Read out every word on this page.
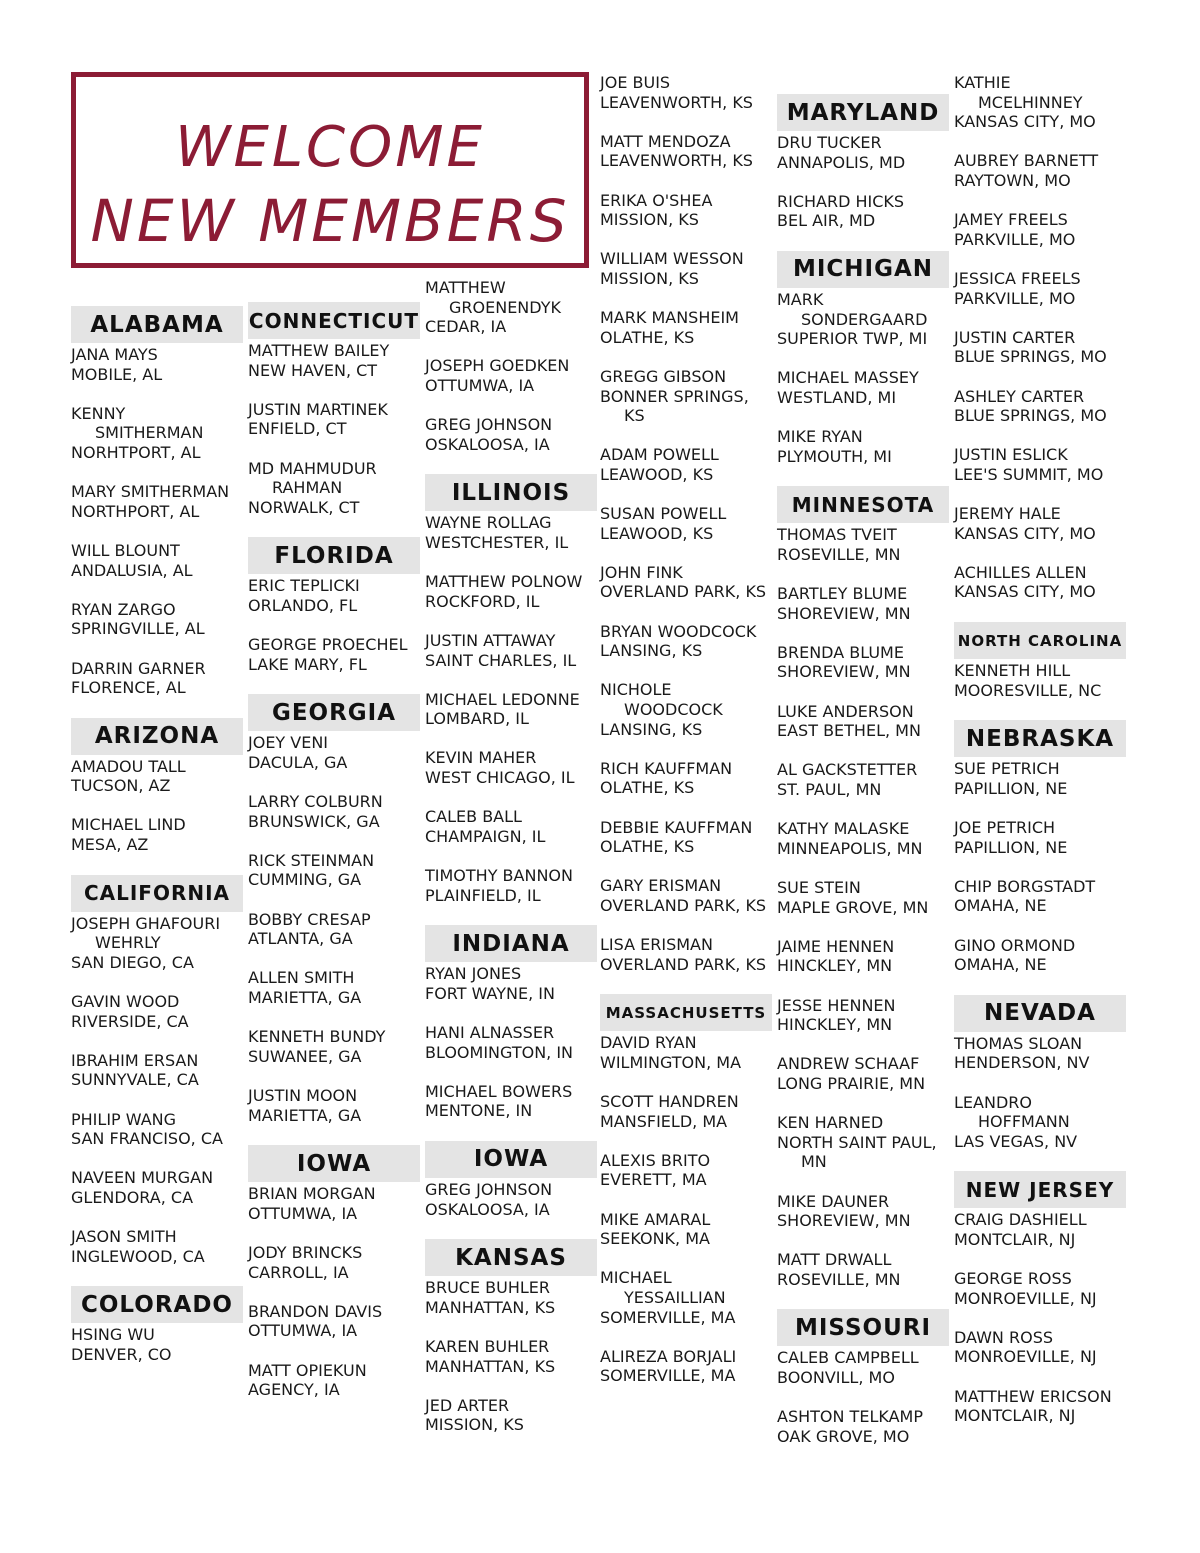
WELCOME
NEW MEMBERS
ALABAMA
JANA MAYS
MOBILE, AL
KENNY
SMITHERMAN
NORHTPORT, AL
MARY SMITHERMAN
NORTHPORT, AL
WILL BLOUNT
ANDALUSIA, AL
RYAN ZARGO
SPRINGVILLE, AL
DARRIN GARNER
FLORENCE, AL
ARIZONA
AMADOU TALL
TUCSON, AZ
MICHAEL LIND
MESA, AZ
CALIFORNIA
JOSEPH GHAFOURI
WEHRLY
SAN DIEGO, CA
GAVIN WOOD
RIVERSIDE, CA
IBRAHIM ERSAN
SUNNYVALE, CA
PHILIP WANG
SAN FRANCISO, CA
NAVEEN MURGAN
GLENDORA, CA
JASON SMITH
INGLEWOOD, CA
COLORADO
HSING WU
DENVER, CO
CONNECTICUT
MATTHEW BAILEY
NEW HAVEN, CT
JUSTIN MARTINEK
ENFIELD, CT
MD MAHMUDUR
RAHMAN
NORWALK, CT
FLORIDA
ERIC TEPLICKI
ORLANDO, FL
GEORGE PROECHEL
LAKE MARY, FL
GEORGIA
JOEY VENI
DACULA, GA
LARRY COLBURN
BRUNSWICK, GA
RICK STEINMAN
CUMMING, GA
BOBBY CRESAP
ATLANTA, GA
ALLEN SMITH
MARIETTA, GA
KENNETH BUNDY
SUWANEE, GA
JUSTIN MOON
MARIETTA, GA
IOWA
BRIAN MORGAN
OTTUMWA, IA
JODY BRINCKS
CARROLL, IA
BRANDON DAVIS
OTTUMWA, IA
MATT OPIEKUN
AGENCY, IA
MATTHEW
GROENENDYK
CEDAR, IA
JOSEPH GOEDKEN
OTTUMWA, IA
GREG JOHNSON
OSKALOOSA, IA
ILLINOIS
WAYNE ROLLAG
WESTCHESTER, IL
MATTHEW POLNOW
ROCKFORD, IL
JUSTIN ATTAWAY
SAINT CHARLES, IL
MICHAEL LEDONNE
LOMBARD, IL
KEVIN MAHER
WEST CHICAGO, IL
CALEB BALL
CHAMPAIGN, IL
TIMOTHY BANNON
PLAINFIELD, IL
INDIANA
RYAN JONES
FORT WAYNE, IN
HANI ALNASSER
BLOOMINGTON, IN
MICHAEL BOWERS
MENTONE, IN
IOWA
GREG JOHNSON
OSKALOOSA, IA
KANSAS
BRUCE BUHLER
MANHATTAN, KS
KAREN BUHLER
MANHATTAN, KS
JED ARTER
MISSION, KS
JOE BUIS
LEAVENWORTH, KS
MATT MENDOZA
LEAVENWORTH, KS
ERIKA O'SHEA
MISSION, KS
WILLIAM WESSON
MISSION, KS
MARK MANSHEIM
OLATHE, KS
GREGG GIBSON
BONNER SPRINGS,
KS
ADAM POWELL
LEAWOOD, KS
SUSAN POWELL
LEAWOOD, KS
JOHN FINK
OVERLAND PARK, KS
BRYAN WOODCOCK
LANSING, KS
NICHOLE
WOODCOCK
LANSING, KS
RICH KAUFFMAN
OLATHE, KS
DEBBIE KAUFFMAN
OLATHE, KS
GARY ERISMAN
OVERLAND PARK, KS
LISA ERISMAN
OVERLAND PARK, KS
MASSACHUSETTS
DAVID RYAN
WILMINGTON, MA
SCOTT HANDREN
MANSFIELD, MA
ALEXIS BRITO
EVERETT, MA
MIKE AMARAL
SEEKONK, MA
MICHAEL
YESSAILLIAN
SOMERVILLE, MA
ALIREZA BORJALI
SOMERVILLE, MA
MARYLAND
DRU TUCKER
ANNAPOLIS, MD
RICHARD HICKS
BEL AIR, MD
MICHIGAN
MARK
SONDERGAARD
SUPERIOR TWP, MI
MICHAEL MASSEY
WESTLAND, MI
MIKE RYAN
PLYMOUTH, MI
MINNESOTA
THOMAS TVEIT
ROSEVILLE, MN
BARTLEY BLUME
SHOREVIEW, MN
BRENDA BLUME
SHOREVIEW, MN
LUKE ANDERSON
EAST BETHEL, MN
AL GACKSTETTER
ST. PAUL, MN
KATHY MALASKE
MINNEAPOLIS, MN
SUE STEIN
MAPLE GROVE, MN
JAIME HENNEN
HINCKLEY, MN
JESSE HENNEN
HINCKLEY, MN
ANDREW SCHAAF
LONG PRAIRIE, MN
KEN HARNED
NORTH SAINT PAUL,
MN
MIKE DAUNER
SHOREVIEW, MN
MATT DRWALL
ROSEVILLE, MN
MISSOURI
CALEB CAMPBELL
BOONVILL, MO
ASHTON TELKAMP
OAK GROVE, MO
KATHIE
MCELHINNEY
KANSAS CITY, MO
AUBREY BARNETT
RAYTOWN, MO
JAMEY FREELS
PARKVILLE, MO
JESSICA FREELS
PARKVILLE, MO
JUSTIN CARTER
BLUE SPRINGS, MO
ASHLEY CARTER
BLUE SPRINGS, MO
JUSTIN ESLICK
LEE'S SUMMIT, MO
JEREMY HALE
KANSAS CITY, MO
ACHILLES ALLEN
KANSAS CITY, MO
NORTH CAROLINA
KENNETH HILL
MOORESVILLE, NC
NEBRASKA
SUE PETRICH
PAPILLION, NE
JOE PETRICH
PAPILLION, NE
CHIP BORGSTADT
OMAHA, NE
GINO ORMOND
OMAHA, NE
NEVADA
THOMAS SLOAN
HENDERSON, NV
LEANDRO
HOFFMANN
LAS VEGAS, NV
NEW JERSEY
CRAIG DASHIELL
MONTCLAIR, NJ
GEORGE ROSS
MONROEVILLE, NJ
DAWN ROSS
MONROEVILLE, NJ
MATTHEW ERICSON
MONTCLAIR, NJ
